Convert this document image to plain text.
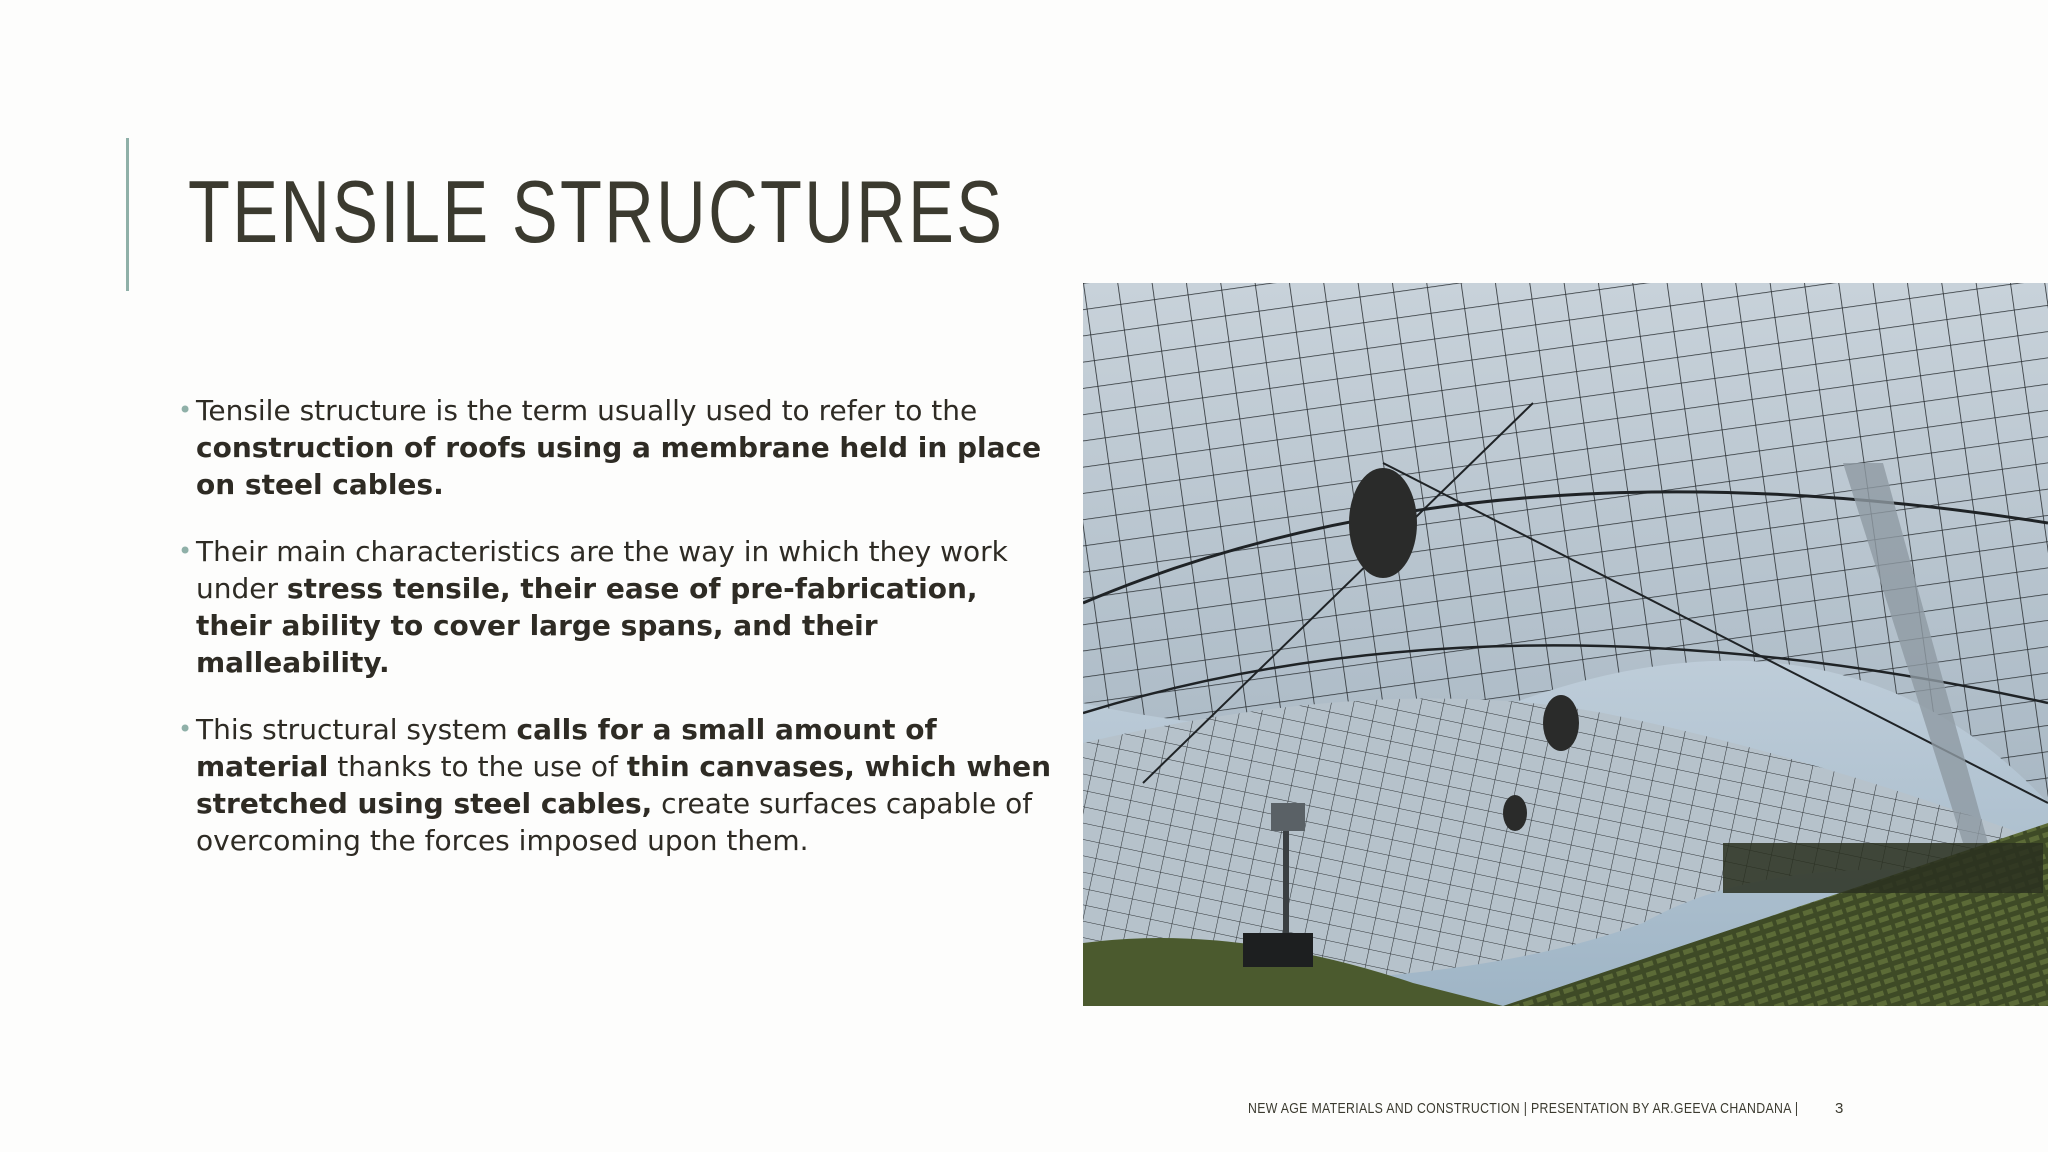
TENSILE STRUCTURES
• Tensile structure is the term usually used to refer to the construction of roofs using a membrane held in place on steel cables.
• Their main characteristics are the way in which they work under stress tensile, their ease of pre-fabrication, their ability to cover large spans, and their malleability.
• This structural system calls for a small amount of material thanks to the use of thin canvases, which when stretched using steel cables, create surfaces capable of overcoming the forces imposed upon them.
NEW AGE MATERIALS AND CONSTRUCTION | PRESENTATION BY AR.GEEVA CHANDANA | 3
